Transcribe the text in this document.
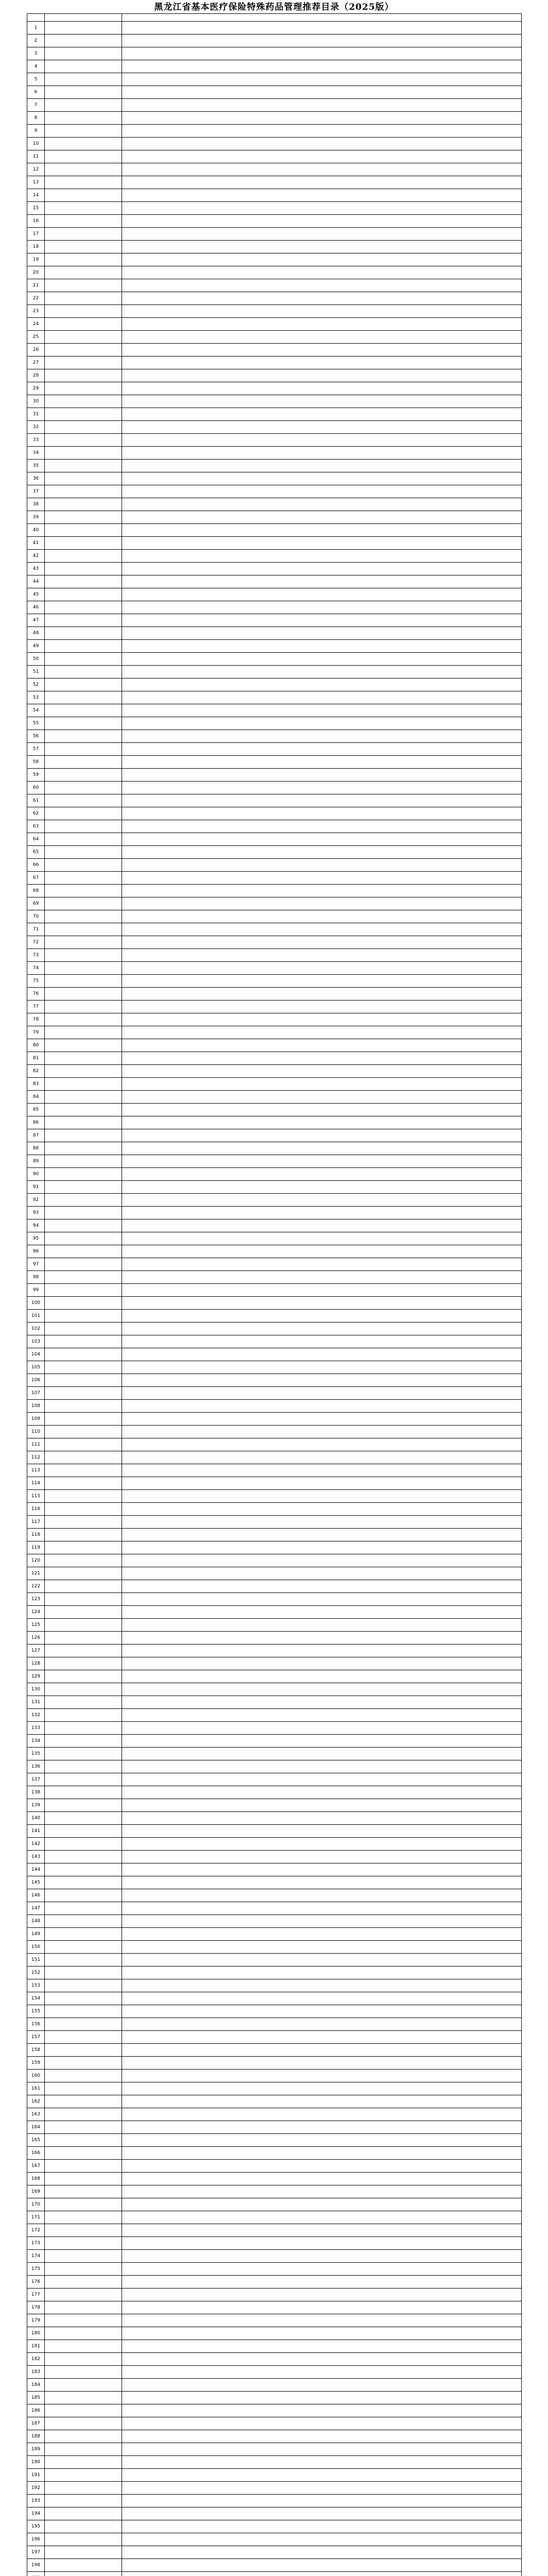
黑龙江省基本医疗保险特殊药品管理推荐目录（2025版）

1		
2		
3		
4		
5		
6		
7		
8		
9		
10		
11		
12		
13		
14		
15		
16		
17		
18		
19		
20		
21		
22		
23		
24		
25		
26		
27		
28		
29		
30		
31		
32		
33		
34		
35		
36		
37		
38		
39		
40		
41		
42		
43		
44		
45		
46		
47		
48		
49		
50		
51		
52		
53		
54		
55		
56		
57		
58		
59		
60		
61		
62		
63		
64		
65		
66		
67		
68		
69		
70		
71		
72		
73		
74		
75		
76		
77		
78		
79		
80		
81		
82		
83		
84		
85		
86		
87		
88		
89		
90		
91		
92		
93		
94		
95		
96		
97		
98		
99		
100		
101		
102		
103		
104		
105		
106		
107		
108		
109		
110		
111		
112		
113		
114		
115		
116		
117		
118		
119		
120		
121		
122		
123		
124		
125		
126		
127		
128		
129		
130		
131		
132		
133		
134		
135		
136		
137		
138		
139		
140		
141		
142		
143		
144		
145		
146		
147		
148		
149		
150		
151		
152		
153		
154		
155		
156		
157		
158		
159		
160		
161		
162		
163		
164		
165		
166		
167		
168		
169		
170		
171		
172		
173		
174		
175		
176		
177		
178		
179		
180		
181		
182		
183		
184		
185		
186		
187		
188		
189		
190		
191		
192		
193		
194		
195		
196		
197		
198		
